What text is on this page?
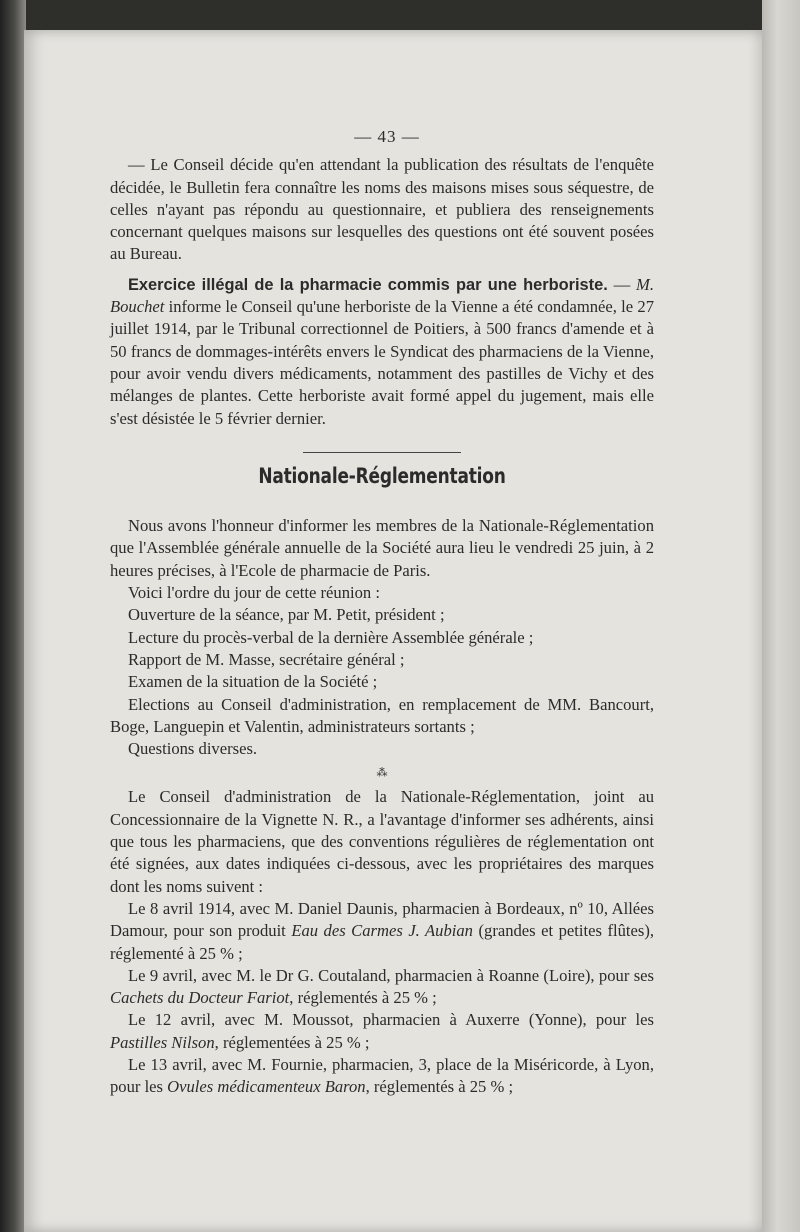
— 43 —

— Le Conseil décide qu'en attendant la publication des résultats de l'enquête décidée, le Bulletin fera connaître les noms des maisons mises sous séquestre, de celles n'ayant pas répondu au questionnaire, et publiera des renseignements concernant quelques maisons sur lesquelles des questions ont été souvent posées au Bureau.

Exercice illégal de la pharmacie commis par une herboriste. — M. Bouchet informe le Conseil qu'une herboriste de la Vienne a été condamnée, le 27 juillet 1914, par le Tribunal correctionnel de Poitiers, à 500 francs d'amende et à 50 francs de dommages-intérêts envers le Syndicat des pharmaciens de la Vienne, pour avoir vendu divers médicaments, notamment des pastilles de Vichy et des mélanges de plantes. Cette herboriste avait formé appel du jugement, mais elle s'est désistée le 5 février dernier.

Nationale-Réglementation

Nous avons l'honneur d'informer les membres de la Nationale-Réglementation que l'Assemblée générale annuelle de la Société aura lieu le vendredi 25 juin, à 2 heures précises, à l'Ecole de pharmacie de Paris.

Voici l'ordre du jour de cette réunion :

Ouverture de la séance, par M. Petit, président ;

Lecture du procès-verbal de la dernière Assemblée générale ;

Rapport de M. Masse, secrétaire général ;

Examen de la situation de la Société ;

Elections au Conseil d'administration, en remplacement de MM. Bancourt, Boge, Languepin et Valentin, administrateurs sortants ;

Questions diverses.

⁂

Le Conseil d'administration de la Nationale-Réglementation, joint au Concessionnaire de la Vignette N. R., a l'avantage d'informer ses adhérents, ainsi que tous les pharmaciens, que des conventions régulières de réglementation ont été signées, aux dates indiquées ci-dessous, avec les propriétaires des marques dont les noms suivent :

Le 8 avril 1914, avec M. Daniel Daunis, pharmacien à Bordeaux, nº 10, Allées Damour, pour son produit Eau des Carmes J. Aubian (grandes et petites flûtes), réglementé à 25 % ;

Le 9 avril, avec M. le Dr G. Coutaland, pharmacien à Roanne (Loire), pour ses Cachets du Docteur Fariot, réglementés à 25 % ;

Le 12 avril, avec M. Moussot, pharmacien à Auxerre (Yonne), pour les Pastilles Nilson, réglementées à 25 % ;

Le 13 avril, avec M. Fournie, pharmacien, 3, place de la Miséricorde, à Lyon, pour les Ovules médicamenteux Baron, réglementés à 25 % ;
